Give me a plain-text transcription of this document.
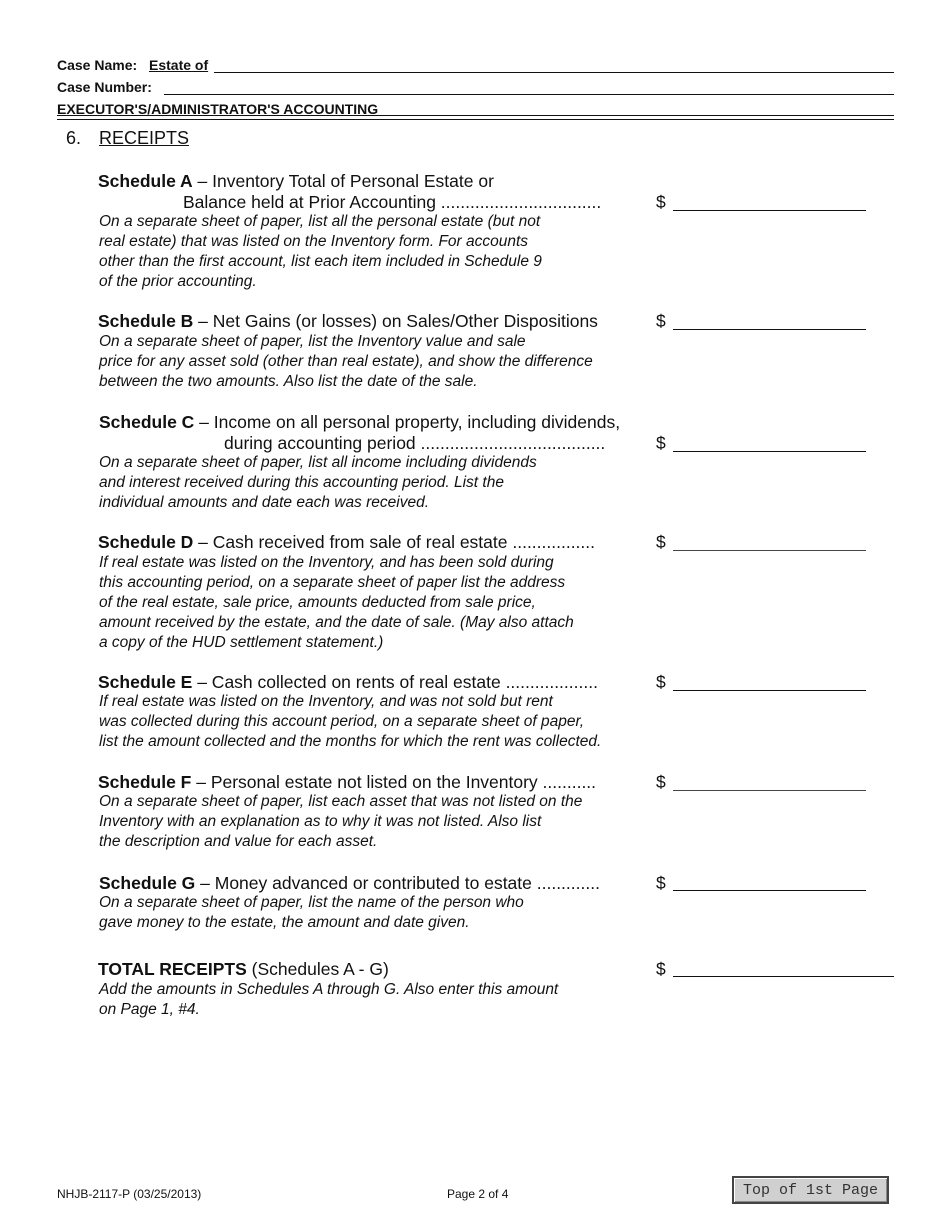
Case Name: Estate of
Case Number:
EXECUTOR'S/ADMINISTRATOR'S ACCOUNTING
6. RECEIPTS
Schedule A – Inventory Total of Personal Estate or
Balance held at Prior Accounting .................................	$
On a separate sheet of paper, list all the personal estate (but not
real estate) that was listed on the Inventory form. For accounts
other than the first account, list each item included in Schedule 9
of the prior accounting.
Schedule B – Net Gains (or losses) on Sales/Other Dispositions	$
On a separate sheet of paper, list the Inventory value and sale
price for any asset sold (other than real estate), and show the difference
between the two amounts. Also list the date of the sale.
Schedule C – Income on all personal property, including dividends,
during accounting period ......................................	$
On a separate sheet of paper, list all income including dividends
and interest received during this accounting period. List the
individual amounts and date each was received.
Schedule D – Cash received from sale of real estate .................	$
If real estate was listed on the Inventory, and has been sold during
this accounting period, on a separate sheet of paper list the address
of the real estate, sale price, amounts deducted from sale price,
amount received by the estate, and the date of sale. (May also attach
a copy of the HUD settlement statement.)
Schedule E – Cash collected on rents of real estate ...................	$
If real estate was listed on the Inventory, and was not sold but rent
was collected during this account period, on a separate sheet of paper,
list the amount collected and the months for which the rent was collected.
Schedule F – Personal estate not listed on the Inventory ...........	$
On a separate sheet of paper, list each asset that was not listed on the
Inventory with an explanation as to why it was not listed. Also list
the description and value for each asset.
Schedule G – Money advanced or contributed to estate .............	$
On a separate sheet of paper, list the name of the person who
gave money to the estate, the amount and date given.
TOTAL RECEIPTS (Schedules A - G)	$
Add the amounts in Schedules A through G. Also enter this amount
on Page 1, #4.
NHJB-2117-P (03/25/2013)	Page 2 of 4	Top of 1st Page
